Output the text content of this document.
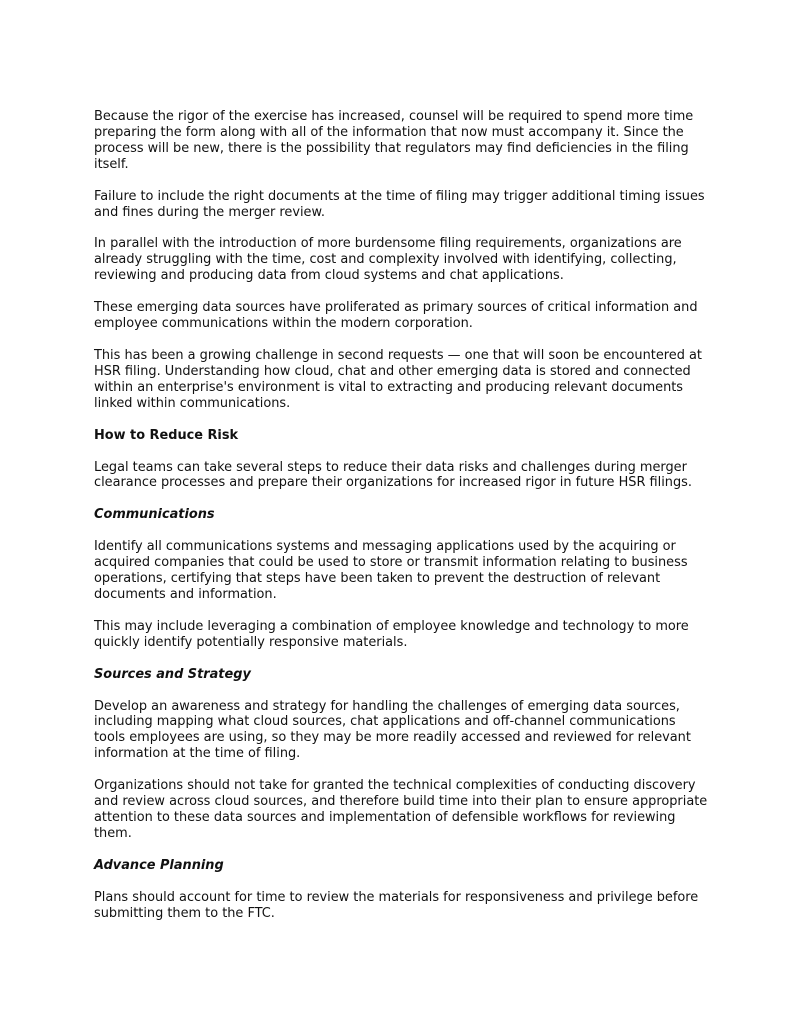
Because the rigor of the exercise has increased, counsel will be required to spend more time preparing the form along with all of the information that now must accompany it. Since the process will be new, there is the possibility that regulators may find deficiencies in the filing itself.

Failure to include the right documents at the time of filing may trigger additional timing issues and fines during the merger review.

In parallel with the introduction of more burdensome filing requirements, organizations are already struggling with the time, cost and complexity involved with identifying, collecting, reviewing and producing data from cloud systems and chat applications.

These emerging data sources have proliferated as primary sources of critical information and employee communications within the modern corporation.

This has been a growing challenge in second requests — one that will soon be encountered at HSR filing. Understanding how cloud, chat and other emerging data is stored and connected within an enterprise's environment is vital to extracting and producing relevant documents linked within communications.

How to Reduce Risk

Legal teams can take several steps to reduce their data risks and challenges during merger clearance processes and prepare their organizations for increased rigor in future HSR filings.

Communications

Identify all communications systems and messaging applications used by the acquiring or acquired companies that could be used to store or transmit information relating to business operations, certifying that steps have been taken to prevent the destruction of relevant documents and information.

This may include leveraging a combination of employee knowledge and technology to more quickly identify potentially responsive materials.

Sources and Strategy

Develop an awareness and strategy for handling the challenges of emerging data sources, including mapping what cloud sources, chat applications and off-channel communications tools employees are using, so they may be more readily accessed and reviewed for relevant information at the time of filing.

Organizations should not take for granted the technical complexities of conducting discovery and review across cloud sources, and therefore build time into their plan to ensure appropriate attention to these data sources and implementation of defensible workflows for reviewing them.

Advance Planning

Plans should account for time to review the materials for responsiveness and privilege before submitting them to the FTC.
